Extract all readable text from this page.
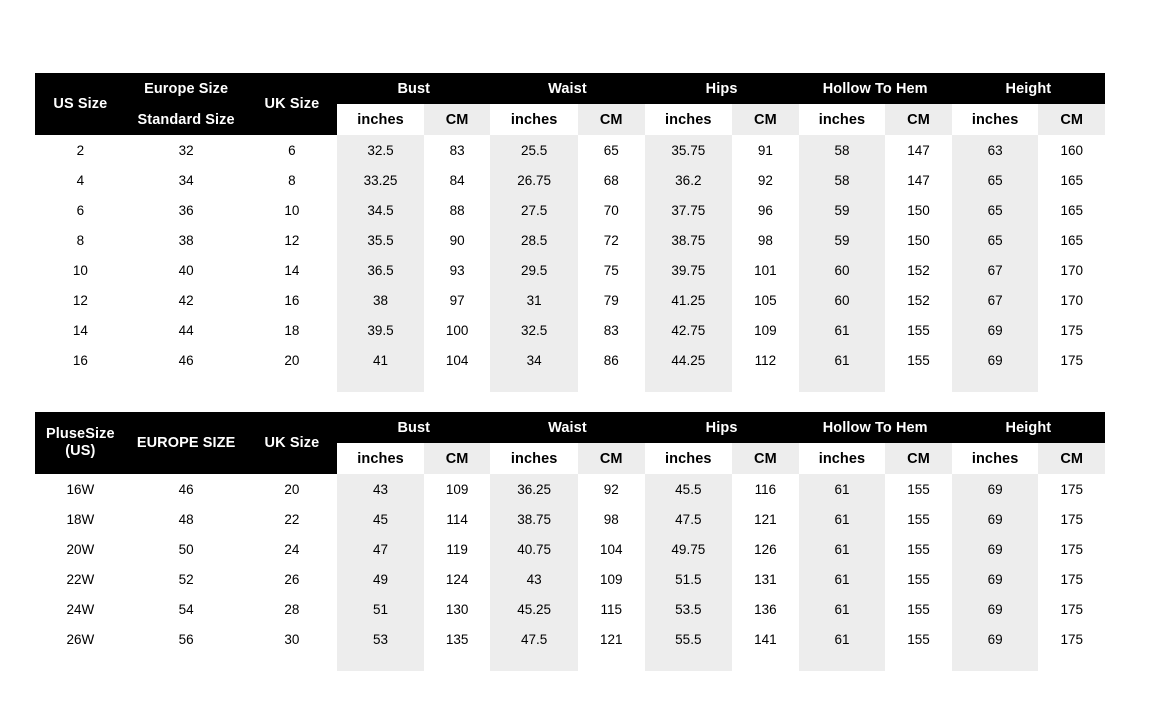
US Size	Europe Size	UK Size	Bust		Waist		Hips		Hollow To Hem		Height	
	Standard Size		inches	CM	inches	CM	inches	CM	inches	CM	inches	CM
2	32	6	32.5	83	25.5	65	35.75	91	58	147	63	160
4	34	8	33.25	84	26.75	68	36.2	92	58	147	65	165
6	36	10	34.5	88	27.5	70	37.75	96	59	150	65	165
8	38	12	35.5	90	28.5	72	38.75	98	59	150	65	165
10	40	14	36.5	93	29.5	75	39.75	101	60	152	67	170
12	42	16	38	97	31	79	41.25	105	60	152	67	170
14	44	18	39.5	100	32.5	83	42.75	109	61	155	69	175
16	46	20	41	104	34	86	44.25	112	61	155	69	175

PluseSize
(US)	EUROPE SIZE	UK Size	Bust		Waist		Hips		Hollow To Hem		Height	
			inches	CM	inches	CM	inches	CM	inches	CM	inches	CM
16W	46	20	43	109	36.25	92	45.5	116	61	155	69	175
18W	48	22	45	114	38.75	98	47.5	121	61	155	69	175
20W	50	24	47	119	40.75	104	49.75	126	61	155	69	175
22W	52	26	49	124	43	109	51.5	131	61	155	69	175
24W	54	28	51	130	45.25	115	53.5	136	61	155	69	175
26W	56	30	53	135	47.5	121	55.5	141	61	155	69	175
